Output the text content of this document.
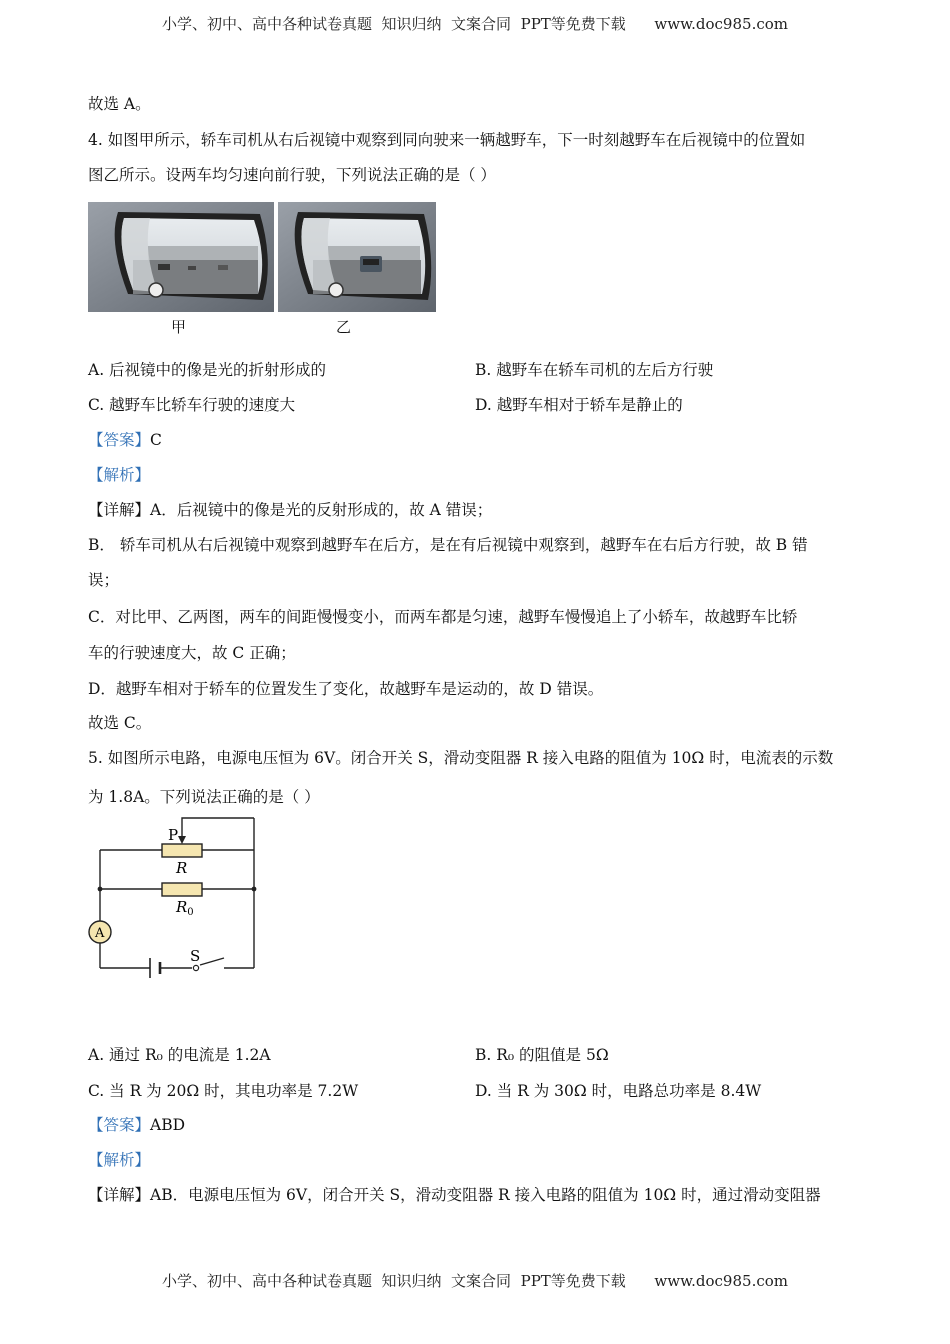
小学、初中、高中各种试卷真题  知识归纳  文案合同  PPT等免费下载      www.doc985.com
故选 A。
4. 如图甲所示，轿车司机从右后视镜中观察到同向驶来一辆越野车，下一时刻越野车在后视镜中的位置如
图乙所示。设两车均匀速向前行驶，下列说法正确的是（ ）
甲	乙
A. 后视镜中的像是光的折射形成的	B. 越野车在轿车司机的左后方行驶
C. 越野车比轿车行驶的速度大	D. 越野车相对于轿车是静止的
【答案】C
【解析】
【详解】A．后视镜中的像是光的反射形成的，故 A 错误；
B． 轿车司机从右后视镜中观察到越野车在后方，是在有后视镜中观察到，越野车在右后方行驶，故 B 错
误；
C．对比甲、乙两图，两车的间距慢慢变小，而两车都是匀速，越野车慢慢追上了小轿车，故越野车比轿
车的行驶速度大，故 C 正确；
D．越野车相对于轿车的位置发生了变化，故越野车是运动的，故 D 错误。
故选 C。
5. 如图所示电路，电源电压恒为 6V。闭合开关 S，滑动变阻器 R 接入电路的阻值为 10Ω 时，电流表的示数
为 1.8A。下列说法正确的是（ ）
P
R
$R_0$
A
S
A. 通过 R₀ 的电流是 1.2A	B. R₀ 的阻值是 5Ω
C. 当 R 为 20Ω 时，其电功率是 7.2W	D. 当 R 为 30Ω 时，电路总功率是 8.4W
【答案】ABD
【解析】
【详解】AB．电源电压恒为 6V，闭合开关 S，滑动变阻器 R 接入电路的阻值为 10Ω 时，通过滑动变阻器
小学、初中、高中各种试卷真题  知识归纳  文案合同  PPT等免费下载      www.doc985.com
